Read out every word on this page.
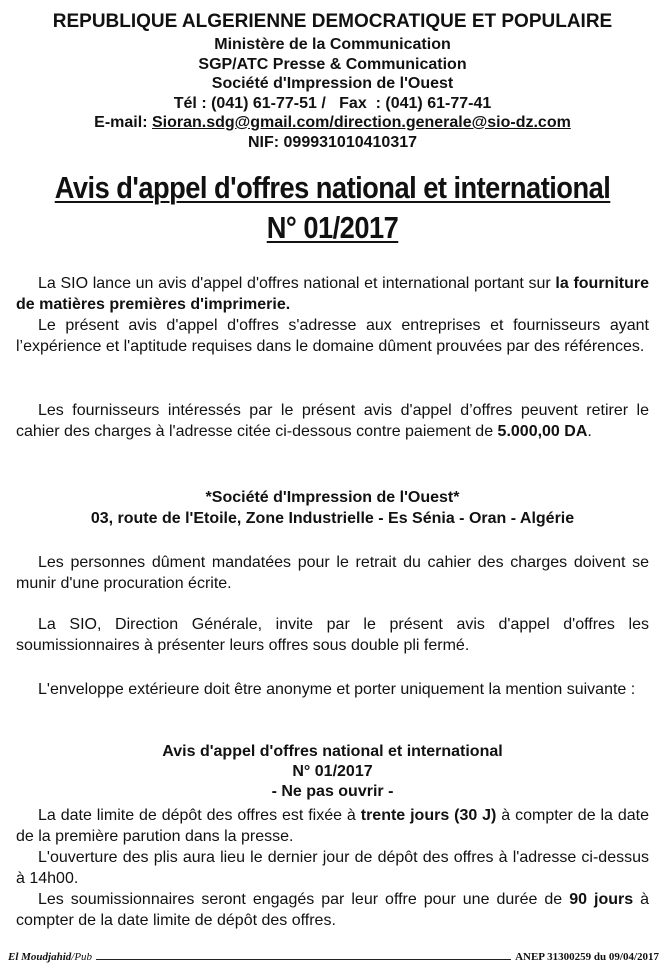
REPUBLIQUE ALGERIENNE DEMOCRATIQUE ET POPULAIRE
Ministère de la Communication
SGP/ATC Presse & Communication
Société d'Impression de l'Ouest
Tél : (041) 61-77-51 /   Fax  : (041) 61-77-41
E-mail: Sioran.sdg@gmail.com/direction.generale@sio-dz.com
NIF: 099931010410317
Avis d'appel d'offres national et international
N° 01/2017

La SIO lance un avis d'appel d'offres national et international portant sur la fourniture de matières premières d'imprimerie.

Le présent avis d'appel d'offres s'adresse aux entreprises et fournisseurs ayant l’expérience et l'aptitude requises dans le domaine dûment prouvées par des références.

Les fournisseurs intéressés par le présent avis d'appel d’offres peuvent retirer le cahier des charges à l'adresse citée ci-dessous contre paiement de 5.000,00 DA.

*Société d'Impression de l'Ouest*
03, route de l'Etoile, Zone Industrielle - Es Sénia - Oran - Algérie

Les personnes dûment mandatées pour le retrait du cahier des charges doivent se munir d'une procuration écrite.

La SIO, Direction Générale, invite par le présent avis d'appel d'offres les soumissionnaires à présenter leurs offres sous double pli fermé.

L'enveloppe extérieure doit être anonyme et porter uniquement la mention suivante :

Avis d'appel d'offres national et international
N° 01/2017
- Ne pas ouvrir -

La date limite de dépôt des offres est fixée à trente jours (30 J) à compter de la date de la première parution dans la presse.

L'ouverture des plis aura lieu le dernier jour de dépôt des offres à l'adresse ci-dessus à 14h00.

Les soumissionnaires seront engagés par leur offre pour une durée de 90 jours à compter de la date limite de dépôt des offres.

El Moudjahid/Pub	ANEP 31300259 du 09/04/2017
